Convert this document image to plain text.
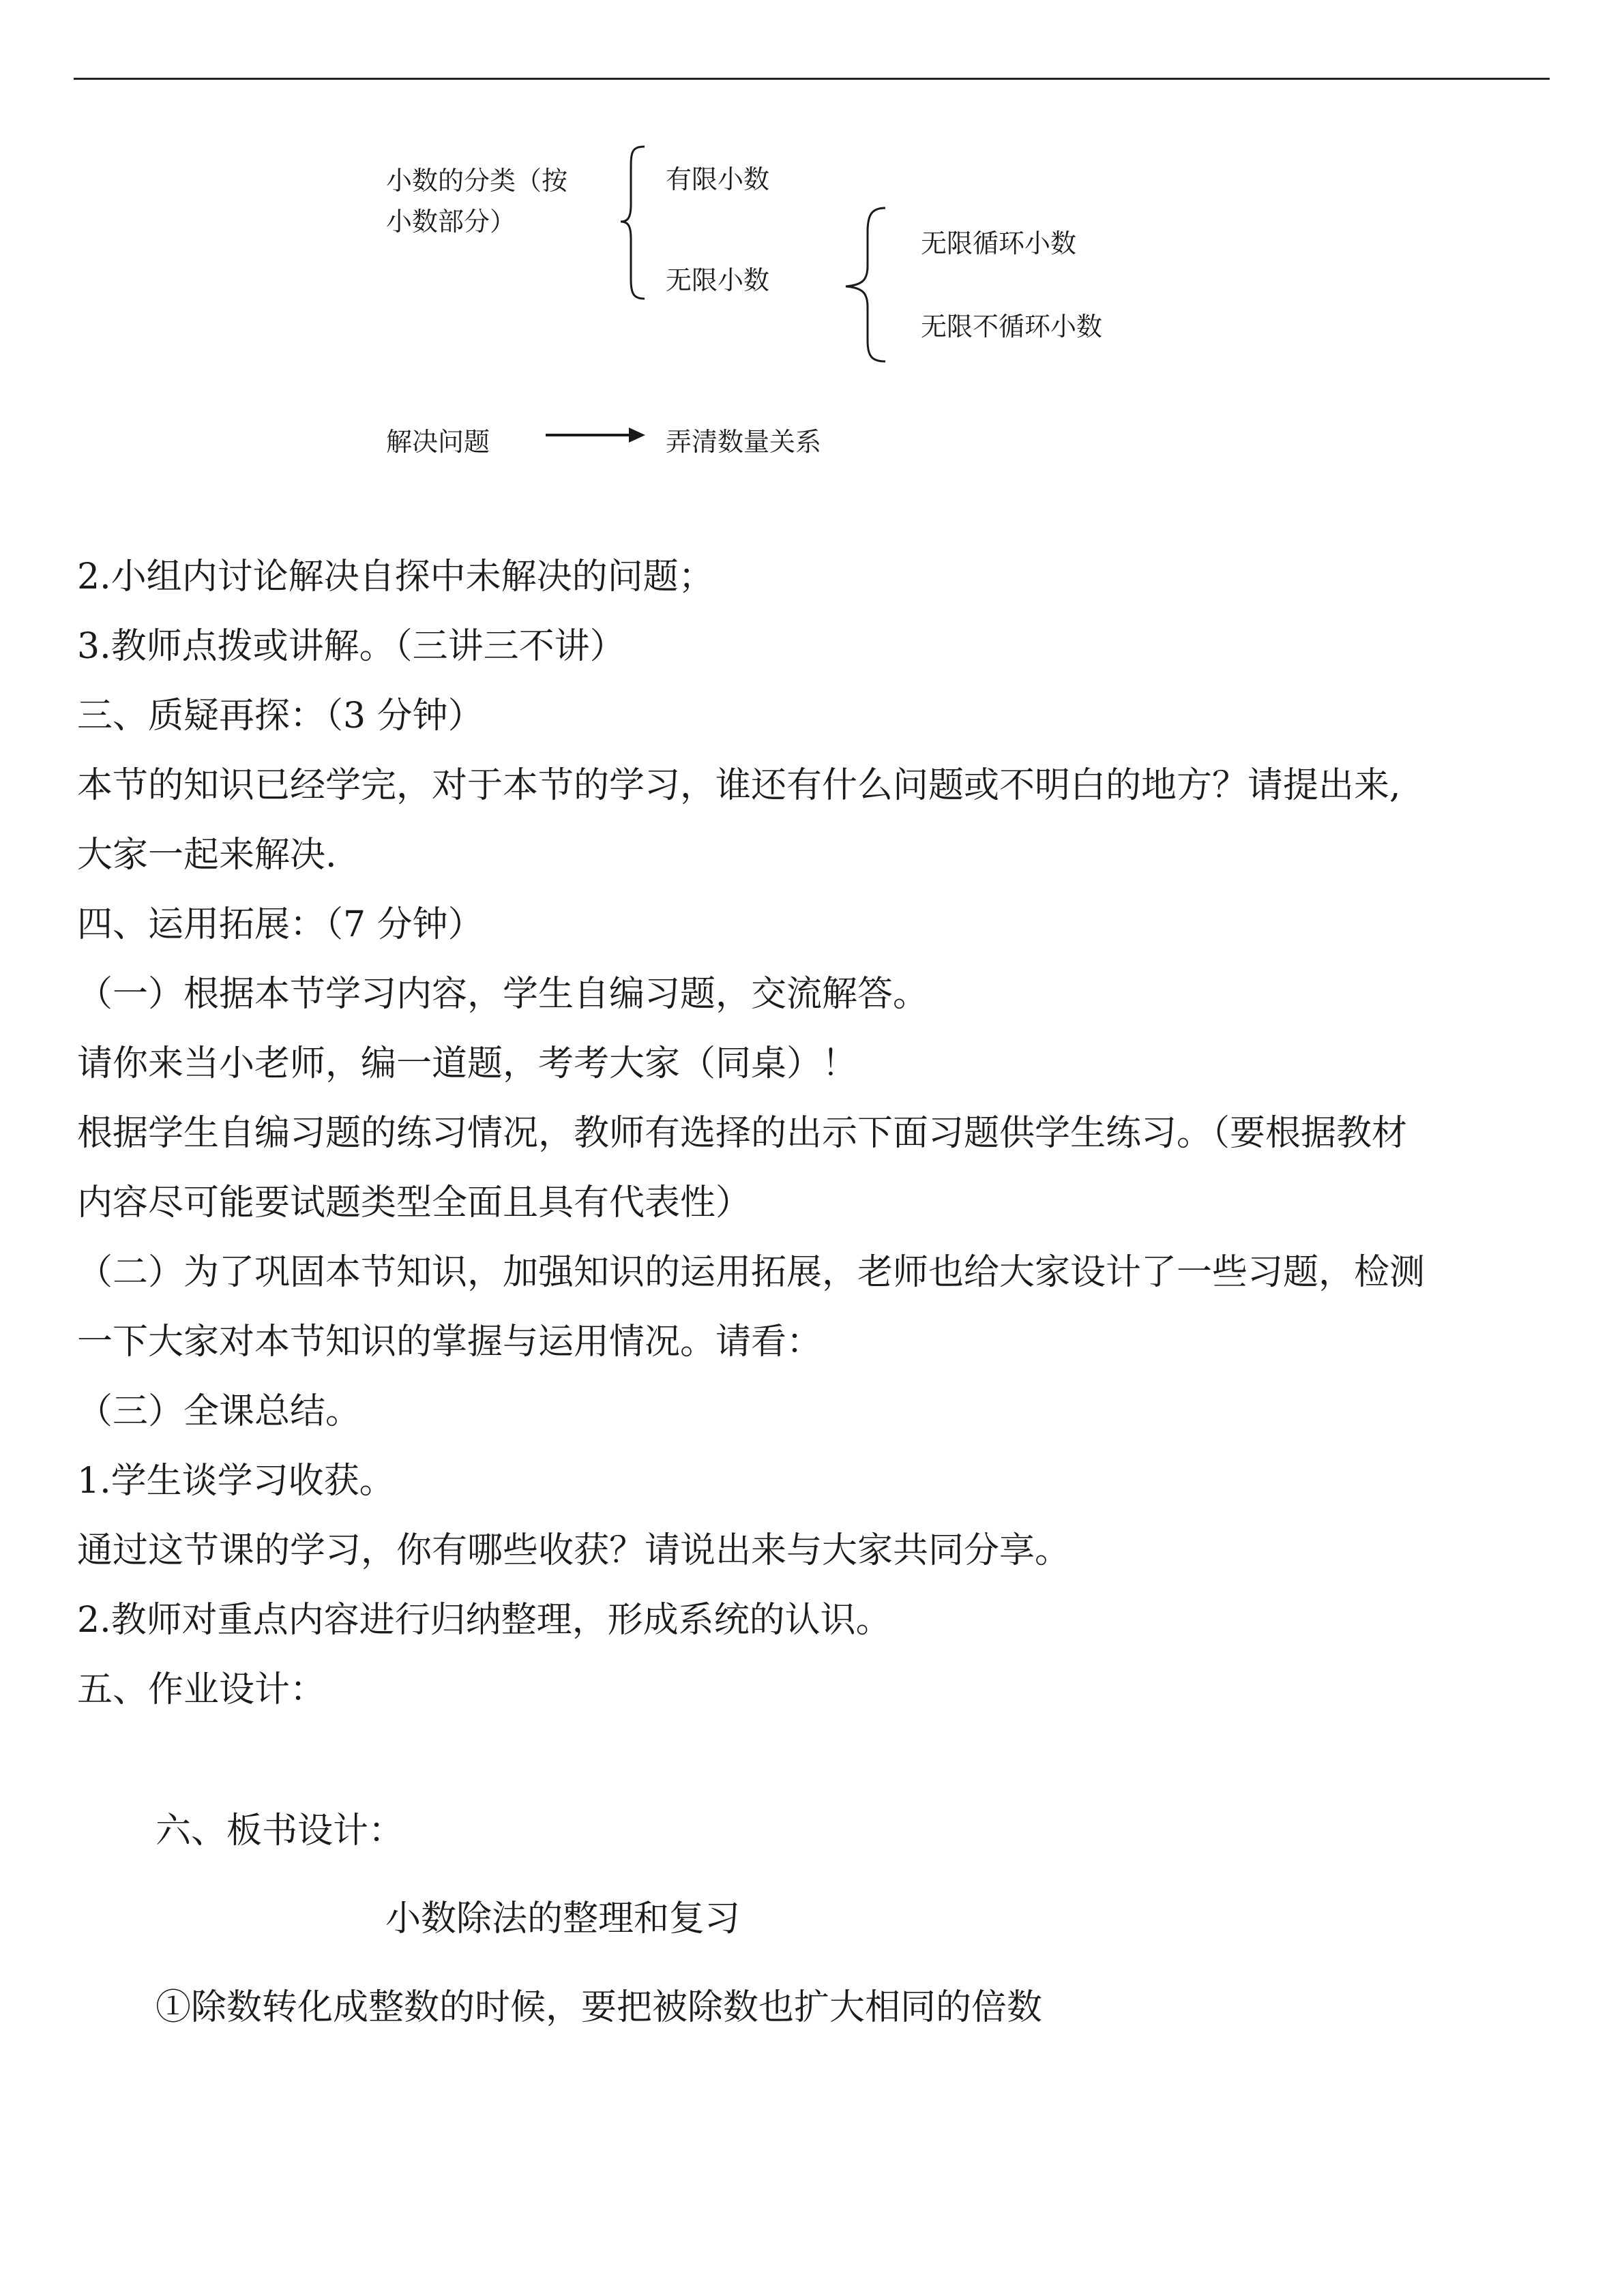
小数的分类（按
小数部分）
有限小数
无限小数
无限循环小数
无限不循环小数
解决问题	弄清数量关系
2.小组内讨论解决自探中未解决的问题；
3.教师点拨或讲解。（三讲三不讲）
三、质疑再探：（3 分钟）
本节的知识已经学完，对于本节的学习，谁还有什么问题或不明白的地方？请提出来,
大家一起来解决.
四、运用拓展：（7 分钟）
（一）根据本节学习内容，学生自编习题，交流解答。
请你来当小老师，编一道题，考考大家（同桌）！
根据学生自编习题的练习情况，教师有选择的出示下面习题供学生练习。（要根据教材
内容尽可能要试题类型全面且具有代表性）
（二）为了巩固本节知识，加强知识的运用拓展，老师也给大家设计了一些习题，检测
一下大家对本节知识的掌握与运用情况。请看：
（三）全课总结。
1.学生谈学习收获。
通过这节课的学习，你有哪些收获？请说出来与大家共同分享。
2.教师对重点内容进行归纳整理，形成系统的认识。
五、作业设计：
六、板书设计：
小数除法的整理和复习
①除数转化成整数的时候，要把被除数也扩大相同的倍数
